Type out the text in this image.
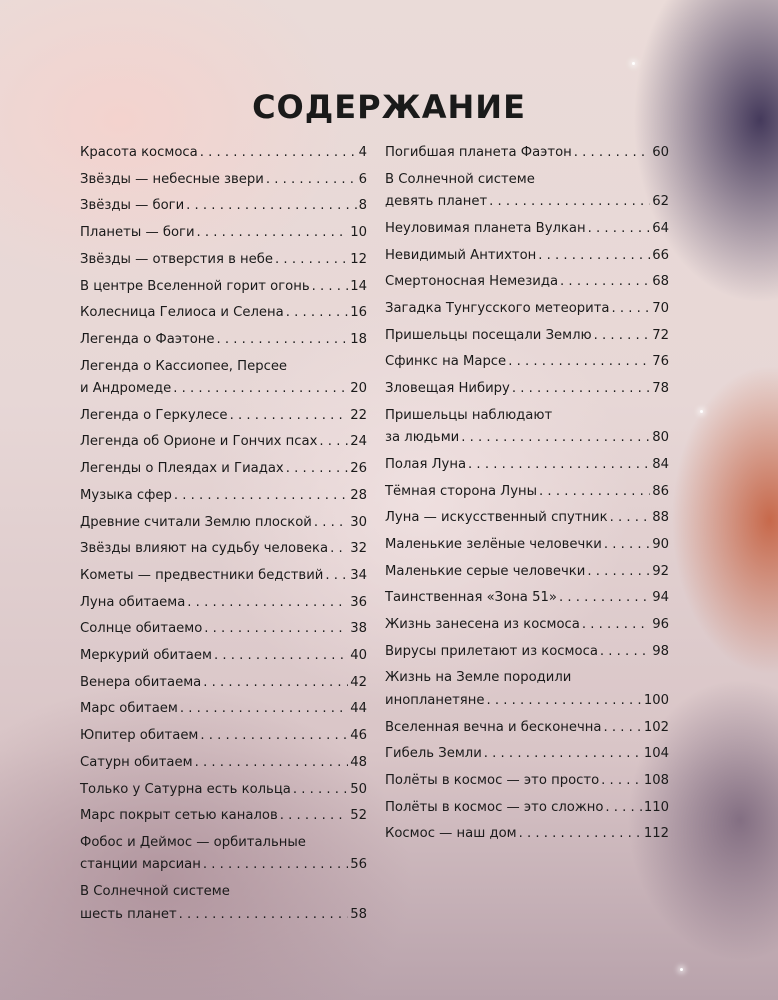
СОДЕРЖАНИЕ
Красота космоса . . .	4
Звёзды — небесные звери . . .	6
Звёзды — боги . . .	8
Планеты — боги . . .	10
Звёзды — отверстия в небе . . .	12
В центре Вселенной горит огонь . . .	14
Колесница Гелиоса и Селена . . .	16
Легенда о Фаэтоне . . .	18
Легенда о Кассиопее, Персее
и Андромеде . . .	20
Легенда о Геркулесе . . .	22
Легенда об Орионе и Гончих псах . . . 24
Легенды о Плеядах и Гиадах . . .	26
Музыка сфер . . .	28
Древние считали Землю плоской . . .	30
Звёзды влияют на судьбу человека . . . 32
Кометы — предвестники бедствий . . . 34
Луна обитаема . . .	36
Солнце обитаемо . . .	38
Меркурий обитаем . . .	40
Венера обитаема . . .	42
Марс обитаем . . .	44
Юпитер обитаем . . .	46
Сатурн обитаем . . .	48
Только у Сатурна есть кольца . . .	50
Марс покрыт сетью каналов . . .	52
Фобос и Деймос — орбитальные
станции марсиан . . .	56
В Солнечной системе
шесть планет . . .	58
Погибшая планета Фаэтон . . .	60
В Солнечной системе
девять планет . . .	62
Неуловимая планета Вулкан . . .	64
Невидимый Антихтон . . .	66
Смертоносная Немезида . . .	68
Загадка Тунгусского метеорита . . .	70
Пришельцы посещали Землю . . .	72
Сфинкс на Марсе . . .	76
Зловещая Нибиру . . .	78
Пришельцы наблюдают
за людьми . . .	80
Полая Луна . . .	84
Тёмная сторона Луны . . .	86
Луна — искусственный спутник . . .	88
Маленькие зелёные человечки . . .	90
Маленькие серые человечки . . .	92
Таинственная «Зона 51» . . .	94
Жизнь занесена из космоса . . .	96
Вирусы прилетают из космоса . . .	98
Жизнь на Земле породили
инопланетяне . . .	100
Вселенная вечна и бесконечна . . .	102
Гибель Земли . . .	104
Полёты в космос — это просто . . .	108
Полёты в космос — это сложно . . .	110
Космос — наш дом . . .	112
